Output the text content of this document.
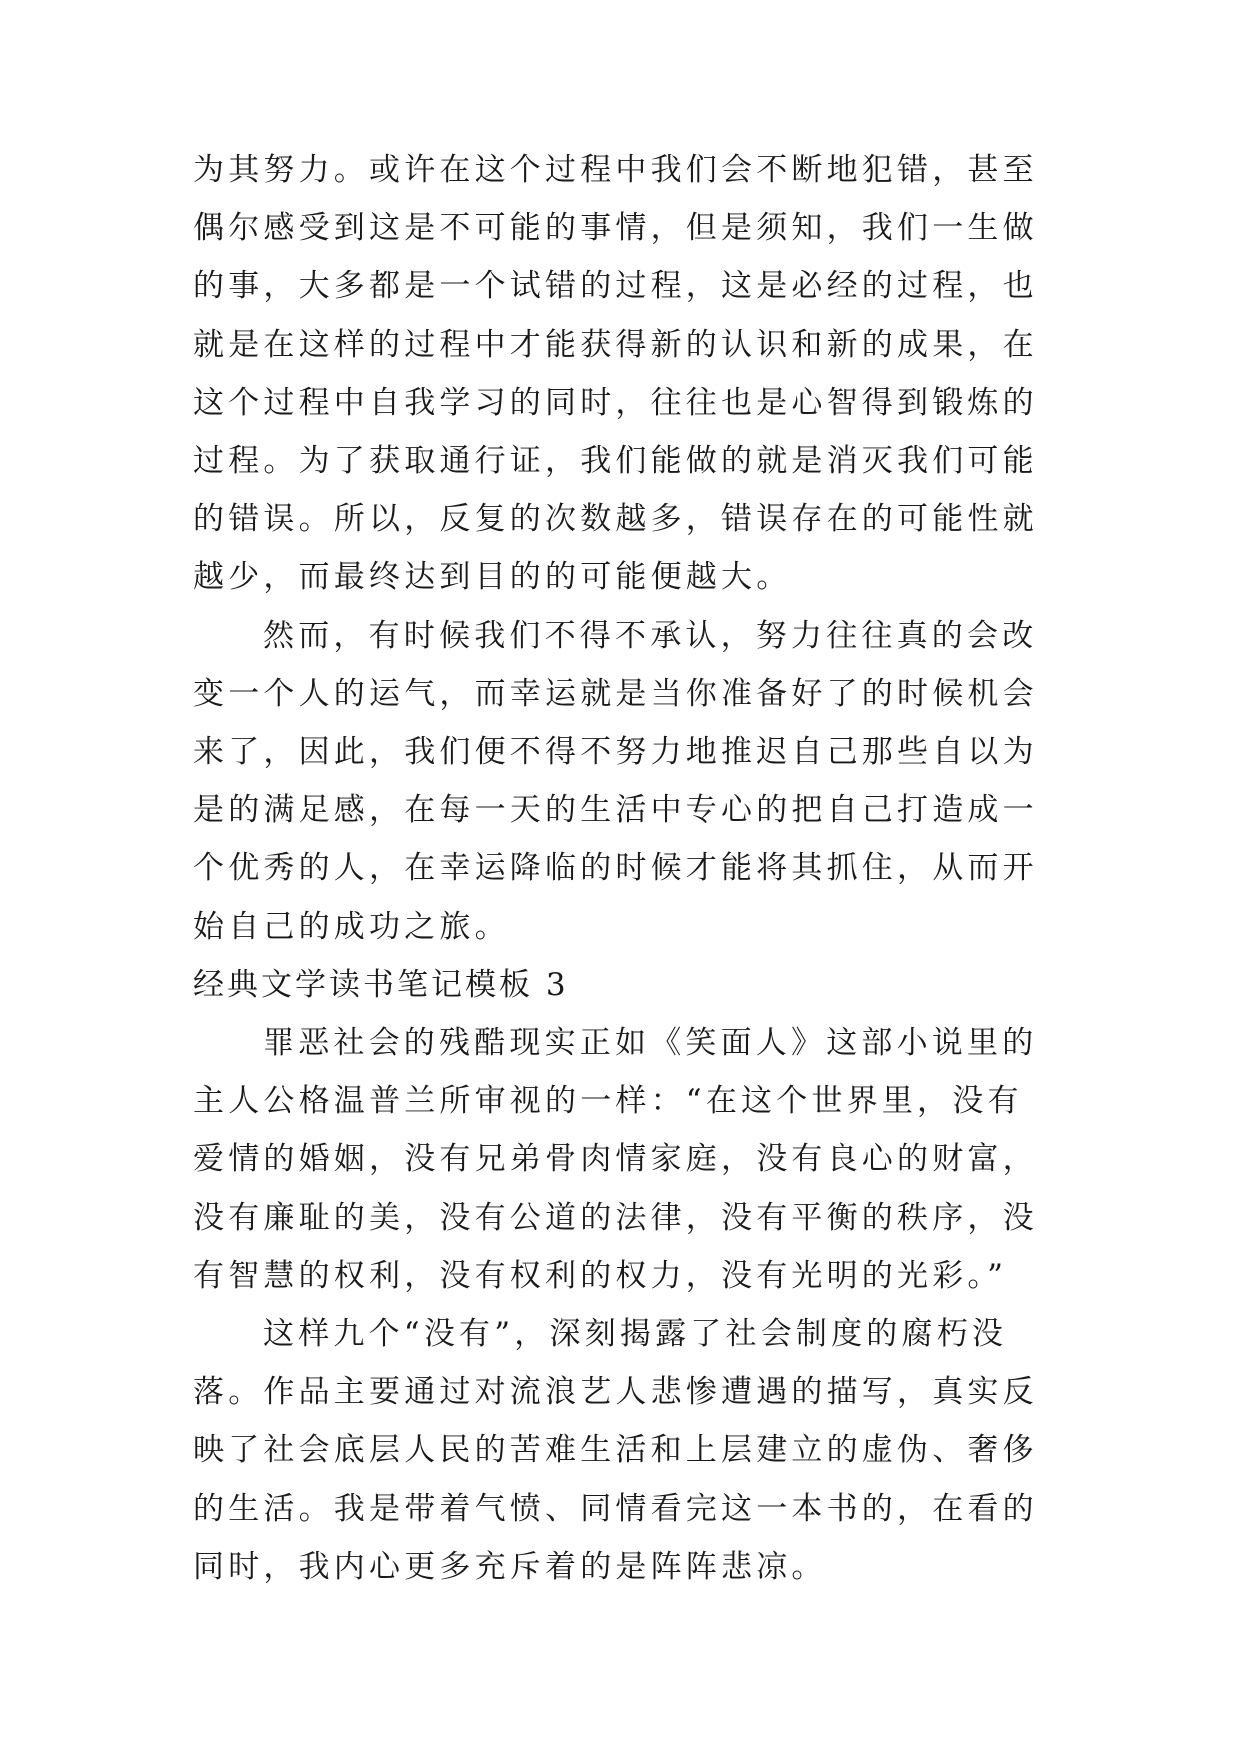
为其努力。或许在这个过程中我们会不断地犯错，甚至偶尔感受到这是不可能的事情，但是须知，我们一生做的事，大多都是一个试错的过程，这是必经的过程，也就是在这样的过程中才能获得新的认识和新的成果，在这个过程中自我学习的同时，往往也是心智得到锻炼的过程。为了获取通行证，我们能做的就是消灭我们可能的错误。所以，反复的次数越多，错误存在的可能性就越少，而最终达到目的的可能便越大。

然而，有时候我们不得不承认，努力往往真的会改变一个人的运气，而幸运就是当你准备好了的时候机会来了，因此，我们便不得不努力地推迟自己那些自以为是的满足感，在每一天的生活中专心的把自己打造成一个优秀的人，在幸运降临的时候才能将其抓住，从而开始自己的成功之旅。

经典文学读书笔记模板 3

罪恶社会的残酷现实正如《笑面人》这部小说里的主人公格温普兰所审视的一样：“在这个世界里，没有爱情的婚姻，没有兄弟骨肉情家庭，没有良心的财富，没有廉耻的美，没有公道的法律，没有平衡的秩序，没有智慧的权利，没有权利的权力，没有光明的光彩。”

这样九个“没有”，深刻揭露了社会制度的腐朽没落。作品主要通过对流浪艺人悲惨遭遇的描写，真实反映了社会底层人民的苦难生活和上层建立的虚伪、奢侈的生活。我是带着气愤、同情看完这一本书的，在看的同时，我内心更多充斥着的是阵阵悲凉。
